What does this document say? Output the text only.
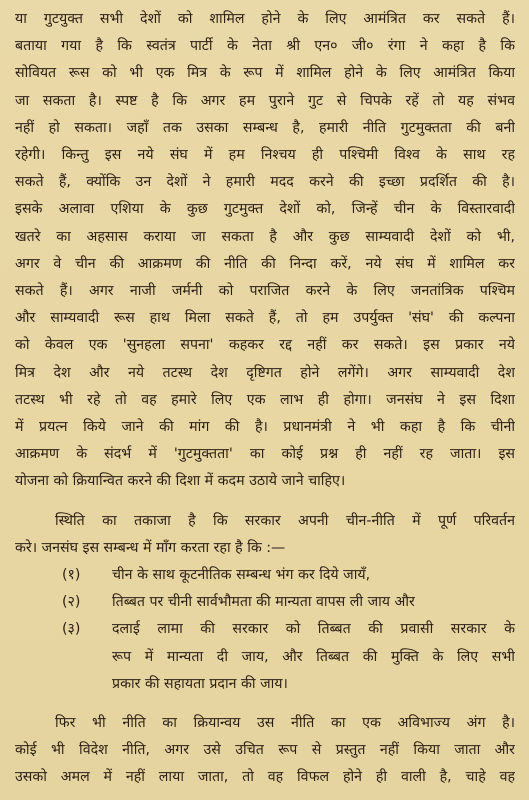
या गुटयुक्त सभी देशों को शामिल होने के लिए आमंत्रित कर सकते हैं।
बताया गया है कि स्वतंत्र पार्टी के नेता श्री एन० जी० रंगा ने कहा है कि
सोवियत रूस को भी एक मित्र के रूप में शामिल होने के लिए आमंत्रित किया
जा सकता है। स्पष्ट है कि अगर हम पुराने गुट से चिपके रहें तो यह संभव
नहीं हो सकता। जहाँ तक उसका सम्बन्ध है, हमारी नीति गुटमुक्तता की बनी
रहेगी। किन्तु इस नये संघ में हम निश्चय ही पश्चिमी विश्व के साथ रह
सकते हैं, क्योंकि उन देशों ने हमारी मदद करने की इच्छा प्रदर्शित की है।
इसके अलावा एशिया के कुछ गुटमुक्त देशों को, जिन्हें चीन के विस्तारवादी
खतरे का अहसास कराया जा सकता है और कुछ साम्यवादी देशों को भी,
अगर वे चीन की आक्रमण की नीति की निन्दा करें, नये संघ में शामिल कर
सकते हैं। अगर नाजी जर्मनी को पराजित करने के लिए जनतांत्रिक पश्चिम
और साम्यवादी रूस हाथ मिला सकते हैं, तो हम उपर्युक्त 'संघ' की कल्पना
को केवल एक 'सुनहला सपना' कहकर रद्द नहीं कर सकते। इस प्रकार नये
मित्र देश और नये तटस्थ देश दृष्टिगत होने लगेंगे। अगर साम्यवादी देश
तटस्थ भी रहे तो वह हमारे लिए एक लाभ ही होगा। जनसंघ ने इस दिशा
में प्रयत्न किये जाने की मांग की है। प्रधानमंत्री ने भी कहा है कि चीनी
आक्रमण के संदर्भ में 'गुटमुक्तता' का कोई प्रश्न ही नहीं रह जाता। इस
योजना को क्रियान्वित करने की दिशा में कदम उठाये जाने चाहिए।
स्थिति का तकाजा है कि सरकार अपनी चीन-नीति में पूर्ण परिवर्तन
करे। जनसंघ इस सम्बन्ध में माँग करता रहा है कि :—
(१)	चीन के साथ कूटनीतिक सम्बन्ध भंग कर दिये जायँ,
(२)	तिब्बत पर चीनी सार्वभौमता की मान्यता वापस ली जाय और
(३)	दलाई लामा की सरकार को तिब्बत की प्रवासी सरकार के
रूप में मान्यता दी जाय, और तिब्बत की मुक्ति के लिए सभी
प्रकार की सहायता प्रदान की जाय।
फिर भी नीति का क्रियान्वय उस नीति का एक अविभाज्य अंग है।
कोई भी विदेश नीति, अगर उसे उचित रूप से प्रस्तुत नहीं किया जाता और
उसको अमल में नहीं लाया जाता, तो वह विफल होने ही वाली है, चाहे वह
